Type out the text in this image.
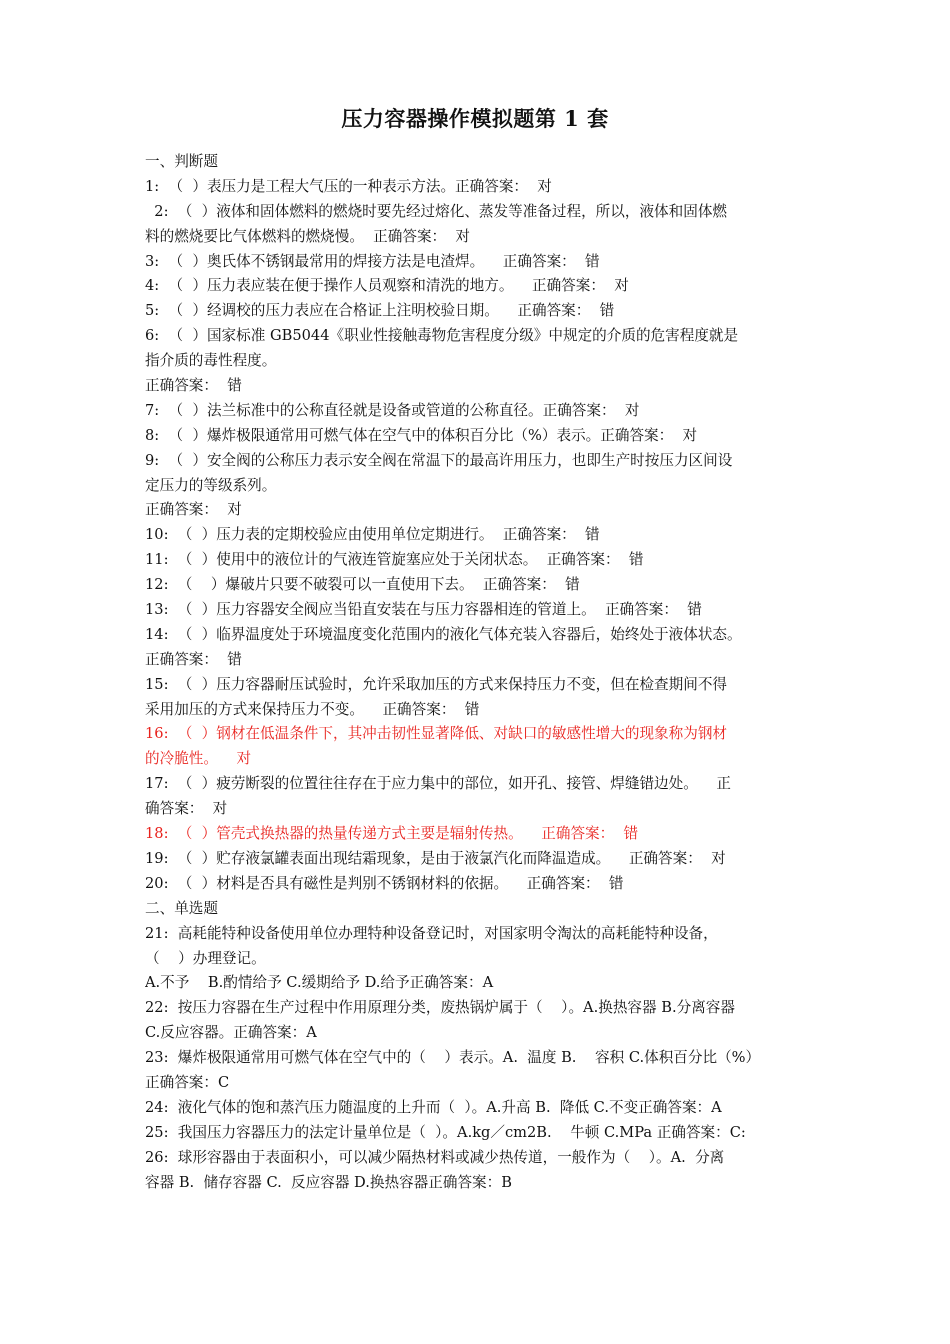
压力容器操作模拟题第 1 套
一、判断题
1:  （  ）表压力是工程大气压的一种表示方法。正确答案：  对
2:  （  ）液体和固体燃料的燃烧时要先经过熔化、蒸发等准备过程，所以，液体和固体燃
料的燃烧要比气体燃料的燃烧慢。  正确答案：  对
3:  （  ）奥氏体不锈钢最常用的焊接方法是电渣焊。    正确答案：  错
4:  （  ）压力表应装在便于操作人员观察和清洗的地方。    正确答案：  对
5:  （  ）经调校的压力表应在合格证上注明校验日期。    正确答案：  错
6:  （  ）国家标准 GB5044《职业性接触毒物危害程度分级》中规定的介质的危害程度就是
指介质的毒性程度。
正确答案：  错
7:  （  ）法兰标准中的公称直径就是设备或管道的公称直径。正确答案：  对
8:  （  ）爆炸极限通常用可燃气体在空气中的体积百分比（%）表示。正确答案：  对
9:  （  ）安全阀的公称压力表示安全阀在常温下的最高许用压力，也即生产时按压力区间设
定压力的等级系列。
正确答案：  对
10:  （  ）压力表的定期校验应由使用单位定期进行。  正确答案：  错
11:  （  ）使用中的液位计的气液连管旋塞应处于关闭状态。  正确答案：  错
12:  （    ）爆破片只要不破裂可以一直使用下去。  正确答案：  错
13:  （  ）压力容器安全阀应当铅直安装在与压力容器相连的管道上。  正确答案：  错
14:  （  ）临界温度处于环境温度变化范围内的液化气体充装入容器后，始终处于液体状态。
正确答案：  错
15:  （  ）压力容器耐压试验时，允许采取加压的方式来保持压力不变，但在检查期间不得
采用加压的方式来保持压力不变。    正确答案：  错
16:  （  ）钢材在低温条件下，其冲击韧性显著降低、对缺口的敏感性增大的现象称为钢材
的冷脆性。    对
17:  （  ）疲劳断裂的位置往往存在于应力集中的部位，如开孔、接管、焊缝错边处。    正
确答案：  对
18:  （  ）管壳式换热器的热量传递方式主要是辐射传热。    正确答案：  错
19:  （  ）贮存液氯罐表面出现结霜现象，是由于液氯汽化而降温造成。    正确答案：  对
20:  （  ）材料是否具有磁性是判别不锈钢材料的依据。    正确答案：  错
二、单选题
21:  高耗能特种设备使用单位办理特种设备登记时，对国家明令淘汰的高耗能特种设备，
（    ）办理登记。
A.不予    B.酌情给予 C.缓期给予 D.给予正确答案：A
22:  按压力容器在生产过程中作用原理分类，废热锅炉属于（    ）。A.换热容器 B.分离容器
C.反应容器。正确答案：A
23:  爆炸极限通常用可燃气体在空气中的（    ）表示。A.  温度 B.    容积 C.体积百分比（%）
正确答案：C
24:  液化气体的饱和蒸汽压力随温度的上升而（  ）。A.升高 B.  降低 C.不变正确答案：A
25:  我国压力容器压力的法定计量单位是（  ）。A.kg／cm2B.    牛顿 C.MPa 正确答案：C:
26:  球形容器由于表面积小，可以减少隔热材料或减少热传道，一般作为（    ）。A.  分离
容器 B.  储存容器 C.  反应容器 D.换热容器正确答案：B
